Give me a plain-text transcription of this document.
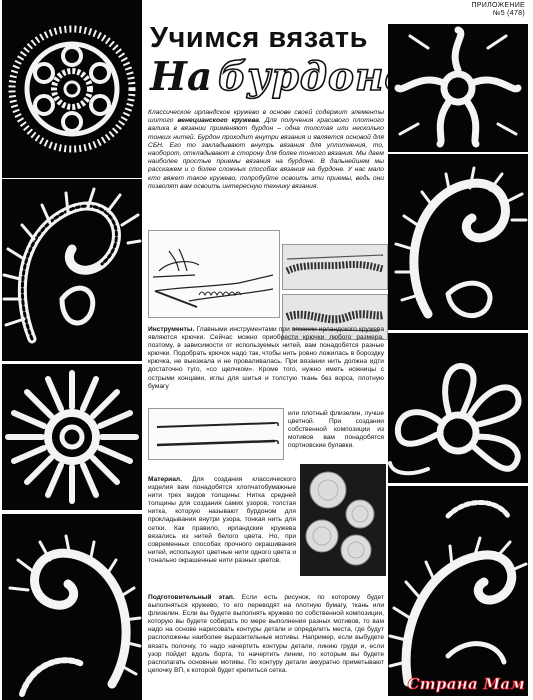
ПРИЛОЖЕНИЕ
№5 (478)
Учимся вязать
На бурдоне
Классическое ирландское кружево в основе своей содержит элементы шитого венецианского кружева. Для получения красивого плотного валика в вязании применяют бурдон – одна толстая или несколько тонких нитей. Бурдон проходит внутри вязания и является основой для СБН. Его то закладывают внутрь вязания для уплотнения, то, наоборот, откладывают в сторону для более тонкого вязания. Мы даем наиболее простые приемы вязания на бурдоне. В дальнейшем мы расскажем и о более сложных способах вязания на бурдоне. У нас мало кто вяжет такое кружево, попробуйте освоить эти приемы, ведь они позволят вам освоить интересную технику вязания.
Инструменты. Главными инструментами при вязании ирландского кружева являются крючки. Сейчас можно приобрести крючки любого размера, поэтому, в зависимости от используемых нитей, вам понадобятся разные крючки. Подобрать крючок надо так, чтобы нить ровно ложилась в бороздку крючка, не выезжала и не проваливалась. При вязании нить должна идти достаточно туго, «со щелчком». Кроме того, нужно иметь ножницы с острыми концами, иглы для шитья и толстую ткань без ворса, плотную бумагу
или плотный флизелин, лучше цветной. При создании собственной композиции из мотивов вам понадобятся портновские булавки.
Материал. Для создания классического изделия вам понадобятся хлопчатобумажные нити трех видов толщины: Нитка средней толщины для создания самих узоров, толстая нитка, которую называют бурдоном для прокладывания внутри узора, тонкая нить для сетки. Как правило, ирландские кружева вязались из нитей белого цвета. Но, при современных способах прочного окрашивания нитей, используют цветные нити одного цвета и тонально окрашенные нити разных цветов.
Подготовительный этап. Если есть рисунок, по которому будет выполняться кружево, то его переводят на плотную бумагу, ткань или флизелин. Если вы будете выполнять кружево по собственной композиции, которую вы будете собирать по мере выполнения разных мотивов, то вам надо на основе нарисовать контуры детали и определить места, где будут расположены наиболее выразительные мотивы. Например, если выбудете вязать полочку, то надо начертить контуры детали, линию груди и, если узор пойдет вдоль борта, то начертить линии, по которым вы будете располагать основные мотивы. По контуру детали аккуратно приметывают цепочку ВП, к которой будет крепиться сетка.
Страна Мам
